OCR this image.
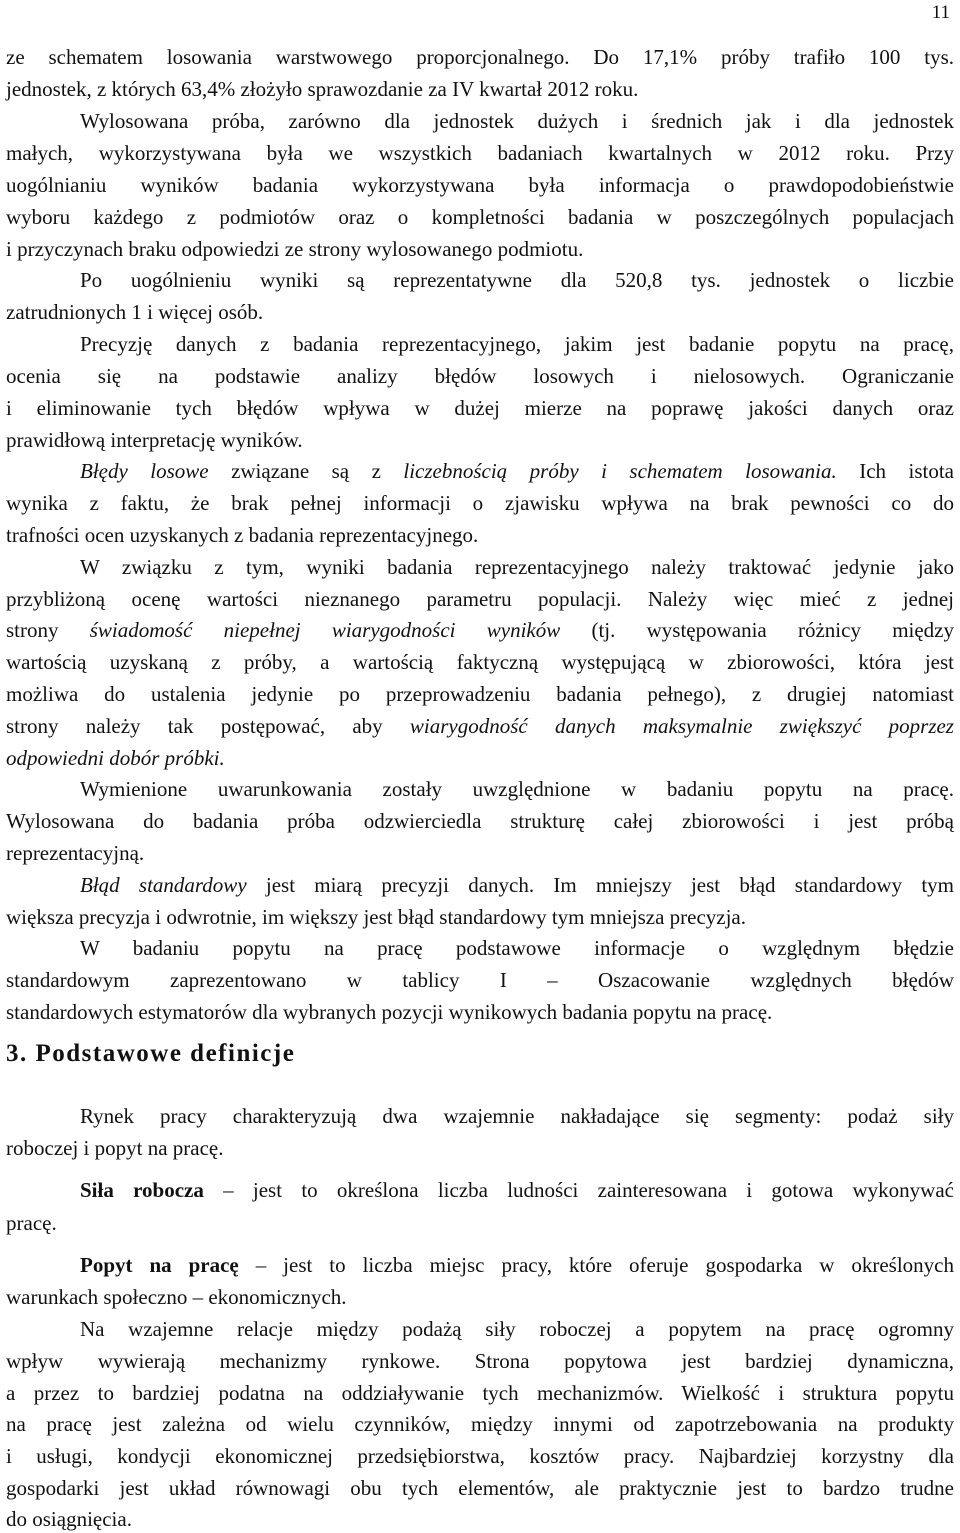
11
ze schematem losowania warstwowego proporcjonalnego. Do 17,1% próby trafiło 100 tys.
jednostek, z których 63,4% złożyło sprawozdanie za IV kwartał 2012 roku.
Wylosowana próba, zarówno dla jednostek dużych i średnich jak i dla jednostek
małych, wykorzystywana była we wszystkich badaniach kwartalnych w 2012 roku. Przy
uogólnianiu wyników badania wykorzystywana była informacja o prawdopodobieństwie
wyboru każdego z podmiotów oraz o kompletności badania w poszczególnych populacjach
i przyczynach braku odpowiedzi ze strony wylosowanego podmiotu.
Po uogólnieniu wyniki są reprezentatywne dla 520,8 tys. jednostek o liczbie
zatrudnionych 1 i więcej osób.
Precyzję danych z badania reprezentacyjnego, jakim jest badanie popytu na pracę,
ocenia się na podstawie analizy błędów losowych i nielosowych. Ograniczanie
i eliminowanie tych błędów wpływa w dużej mierze na poprawę jakości danych oraz
prawidłową interpretację wyników.
Błędy losowe związane są z liczebnością próby i schematem losowania. Ich istota
wynika z faktu, że brak pełnej informacji o zjawisku wpływa na brak pewności co do
trafności ocen uzyskanych z badania reprezentacyjnego.
W związku z tym, wyniki badania reprezentacyjnego należy traktować jedynie jako
przybliżoną ocenę wartości nieznanego parametru populacji. Należy więc mieć z jednej
strony świadomość niepełnej wiarygodności wyników (tj. występowania różnicy między
wartością uzyskaną z próby, a wartością faktyczną występującą w zbiorowości, która jest
możliwa do ustalenia jedynie po przeprowadzeniu badania pełnego), z drugiej natomiast
strony należy tak postępować, aby wiarygodność danych maksymalnie zwiększyć poprzez
odpowiedni dobór próbki.
Wymienione uwarunkowania zostały uwzględnione w badaniu popytu na pracę.
Wylosowana do badania próba odzwierciedla strukturę całej zbiorowości i jest próbą
reprezentacyjną.
Błąd standardowy jest miarą precyzji danych. Im mniejszy jest błąd standardowy tym
większa precyzja i odwrotnie, im większy jest błąd standardowy tym mniejsza precyzja.
W badaniu popytu na pracę podstawowe informacje o względnym błędzie
standardowym zaprezentowano w tablicy I – Oszacowanie względnych błędów
standardowych estymatorów dla wybranych pozycji wynikowych badania popytu na pracę.
3. Podstawowe definicje
Rynek pracy charakteryzują dwa wzajemnie nakładające się segmenty: podaż siły
roboczej i popyt na pracę.
Siła robocza – jest to określona liczba ludności zainteresowana i gotowa wykonywać
pracę.
Popyt na pracę – jest to liczba miejsc pracy, które oferuje gospodarka w określonych
warunkach społeczno – ekonomicznych.
Na wzajemne relacje między podażą siły roboczej a popytem na pracę ogromny
wpływ wywierają mechanizmy rynkowe. Strona popytowa jest bardziej dynamiczna,
a przez to bardziej podatna na oddziaływanie tych mechanizmów. Wielkość i struktura popytu
na pracę jest zależna od wielu czynników, między innymi od zapotrzebowania na produkty
i usługi, kondycji ekonomicznej przedsiębiorstwa, kosztów pracy. Najbardziej korzystny dla
gospodarki jest układ równowagi obu tych elementów, ale praktycznie jest to bardzo trudne
do osiągnięcia.
